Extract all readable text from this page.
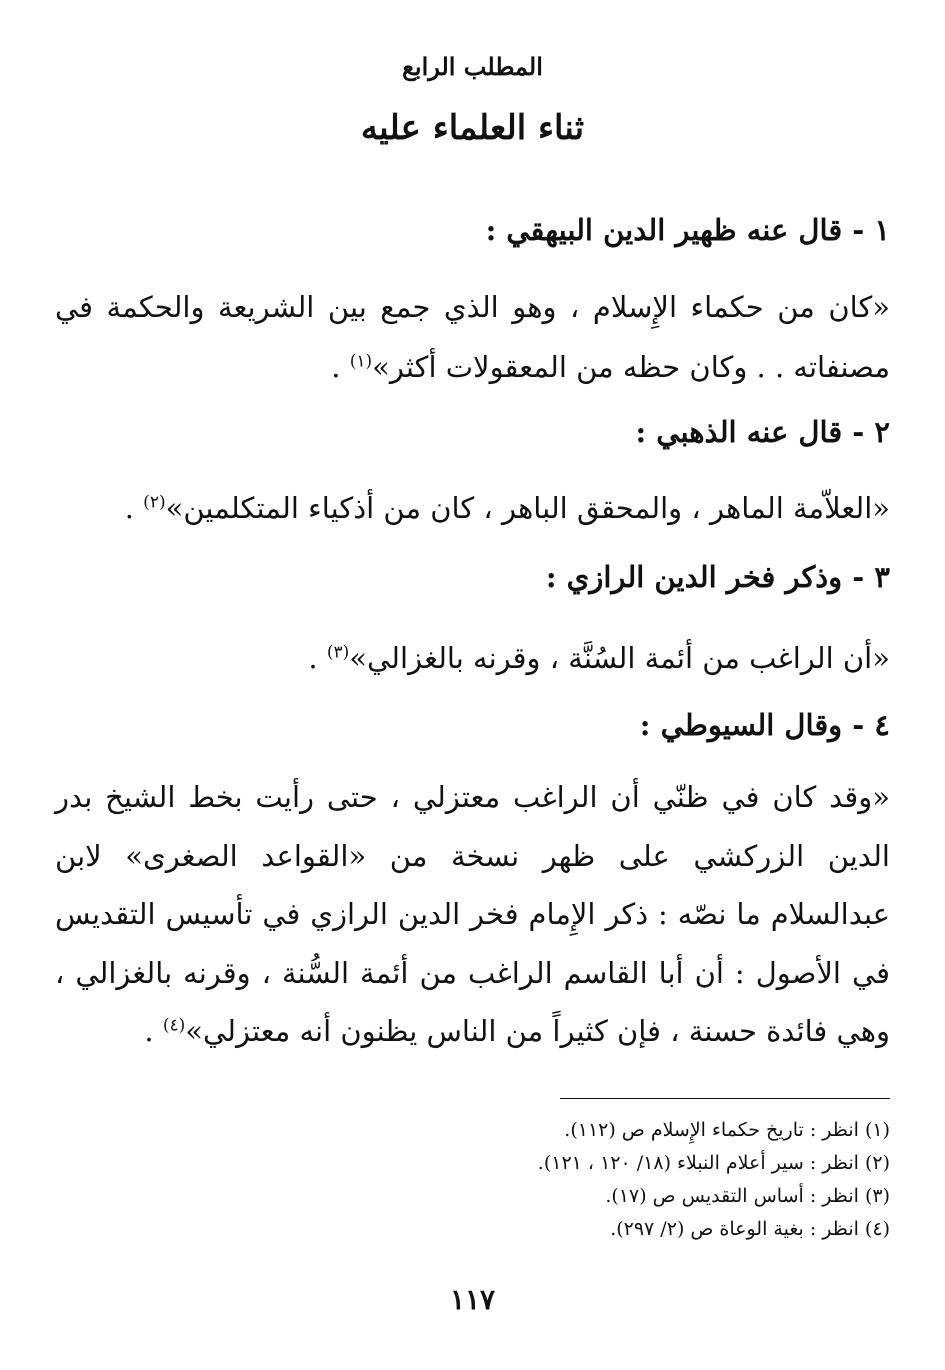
المطلب الرابع
ثناء العلماء عليه
١ - قال عنه ظهير الدين البيهقي :
«كان من حكماء الإِسلام ، وهو الذي جمع بين الشريعة والحكمة في مصنفاته . . وكان حظه من المعقولات أكثر»$^{(١)}$ .
٢ - قال عنه الذهبي :
«العلاّمة الماهر ، والمحقق الباهر ، كان من أذكياء المتكلمين»$^{(٢)}$ .
٣ - وذكر فخر الدين الرازي :
«أن الراغب من أئمة السُنَّة ، وقرنه بالغزالي»$^{(٣)}$ .
٤ - وقال السيوطي :
«وقد كان في ظنّي أن الراغب معتزلي ، حتى رأيت بخط الشيخ بدر الدين الزركشي على ظهر نسخة من «القواعد الصغرى» لابن عبدالسلام ما نصّه : ذكر الإِمام فخر الدين الرازي في تأسيس التقديس في الأصول : أن أبا القاسم الراغب من أئمة السُّنة ، وقرنه بالغزالي ، وهي فائدة حسنة ، فإن كثيراً من الناس يظنون أنه معتزلي»$^{(٤)}$ .
(١) انظر : تاريخ حكماء الإِسلام ص (١١٢).
(٢) انظر : سير أعلام النبلاء (١٨/ ١٢٠ ، ١٢١).
(٣) انظر : أساس التقديس ص (١٧).
(٤) انظر : بغية الوعاة ص (٢/ ٢٩٧).
١١٧
